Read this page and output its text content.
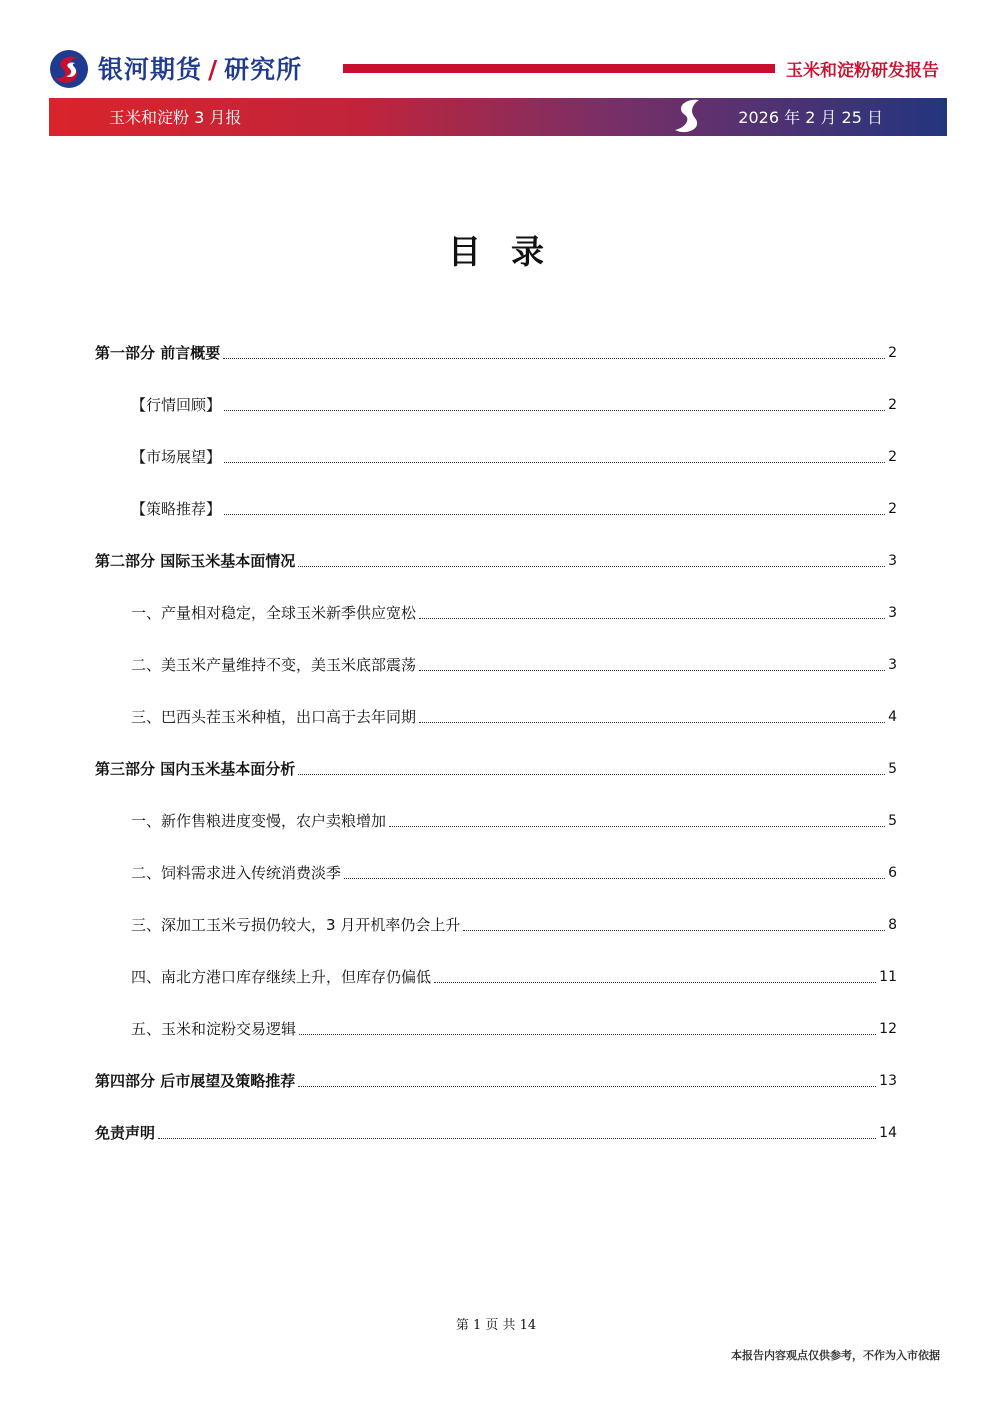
银河期货 / 研究所	玉米和淀粉研发报告
玉米和淀粉 3 月报	2026 年 2 月 25 日
目录
第一部分 前言概要	2
【行情回顾】	2
【市场展望】	2
【策略推荐】	2
第二部分 国际玉米基本面情况	3
一、产量相对稳定，全球玉米新季供应宽松	3
二、美玉米产量维持不变，美玉米底部震荡	3
三、巴西头茬玉米种植，出口高于去年同期	4
第三部分 国内玉米基本面分析	5
一、新作售粮进度变慢，农户卖粮增加	5
二、饲料需求进入传统消费淡季	6
三、深加工玉米亏损仍较大，3 月开机率仍会上升	8
四、南北方港口库存继续上升，但库存仍偏低	11
五、玉米和淀粉交易逻辑	12
第四部分 后市展望及策略推荐	13
免责声明	14
第 1 页 共 14
本报告内容观点仅供参考，不作为入市依据
